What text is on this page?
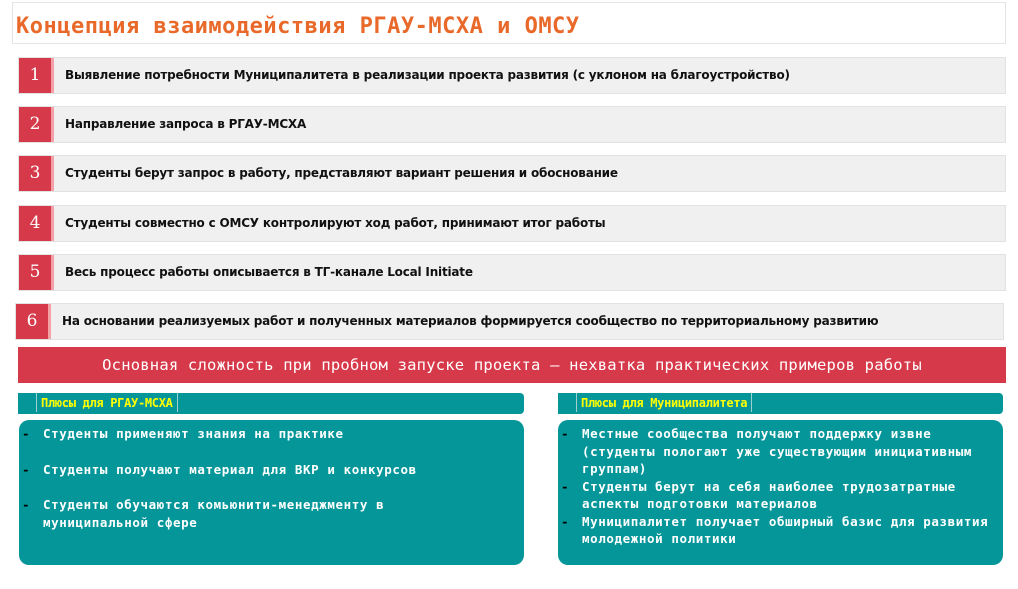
Концепция взаимодействия РГАУ-МСХА и ОМСУ
1	Выявление потребности Муниципалитета в реализации проекта развития (с уклоном на благоустройство)
2	Направление запроса в РГАУ-МСХА
3	Студенты берут запрос в работу, представляют вариант решения и обоснование
4	Студенты совместно с ОМСУ контролируют ход работ, принимают итог работы
5	Весь процесс работы описывается в ТГ-канале Local Initiate
6	На основании реализуемых работ и полученных материалов формируется сообщество по территориальному развитию
Основная сложность при пробном запуске проекта – нехватка практических примеров работы
Плюсы для РГАУ-МСХА	Плюсы для Муниципалитета
- Студенты применяют знания на практике
- Студенты получают материал для ВКР и конкурсов
- Студенты обучаются комьюнити-менеджменту в муниципальной сфере
- Местные сообщества получают поддержку извне (студенты пологают уже существующим инициативным группам)
- Студенты берут на себя наиболее трудозатратные аспекты подготовки материалов
- Муниципалитет получает обширный базис для развития молодежной политики
